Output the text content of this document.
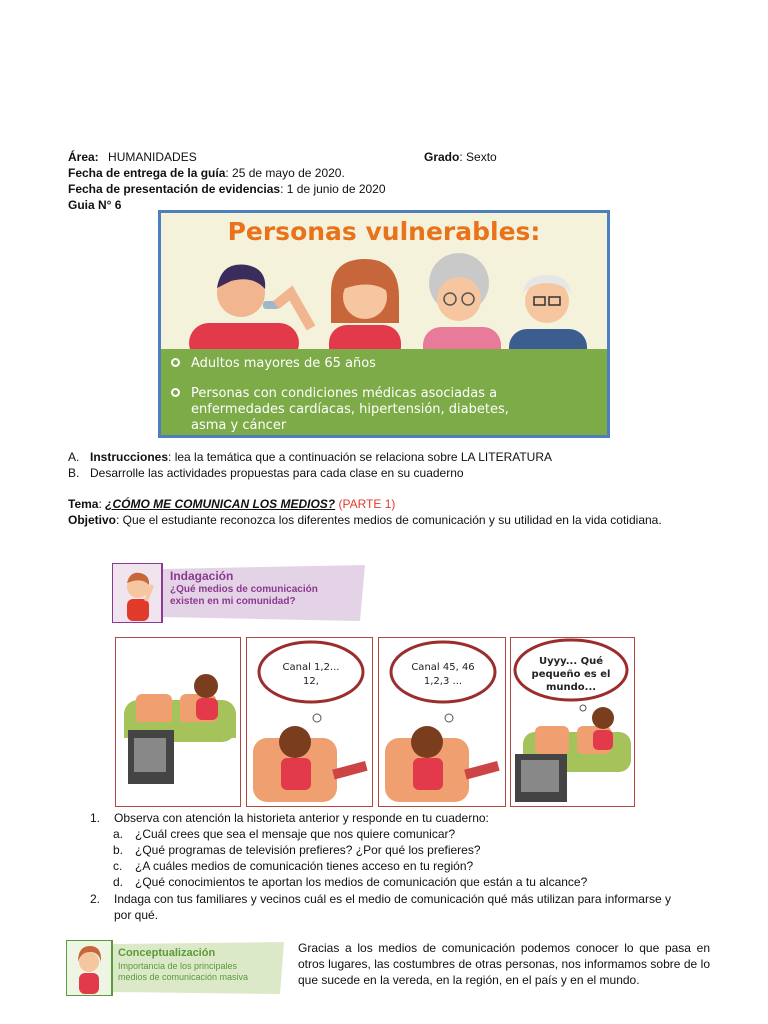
Área: HUMANIDADES	Grado: Sexto
Fecha de entrega de la guía: 25 de mayo de 2020.
Fecha de presentación de evidencias: 1 de junio de 2020
Guia N° 6
Personas vulnerables:
Adultos mayores de 65 años
Personas con condiciones médicas asociadas a
enfermedades cardíacas, hipertensión, diabetes,
asma y cáncer
A. Instrucciones: lea la temática que a continuación se relaciona sobre LA LITERATURA
B. Desarrolle las actividades propuestas para cada clase en su cuaderno
Tema: ¿CÓMO ME COMUNICAN LOS MEDIOS? (PARTE 1)
Objetivo: Que el estudiante reconozca los diferentes medios de comunicación y su utilidad en la vida cotidiana.
Indagación
¿Qué medios de comunicación
existen en mi comunidad?
Canal 1,2...
12,
Canal 45, 46
1,2,3 ...
Uyyy... Qué
pequeño es el
mundo...
1. Observa con atención la historieta anterior y responde en tu cuaderno:
a. ¿Cuál crees que sea el mensaje que nos quiere comunicar?
b. ¿Qué programas de televisión prefieres? ¿Por qué los prefieres?
c. ¿A cuáles medios de comunicación tienes acceso en tu región?
d. ¿Qué conocimientos te aportan los medios de comunicación que están a tu alcance?
2. Indaga con tus familiares y vecinos cuál es el medio de comunicación qué más utilizan para informarse y
por qué.
Conceptualización
Importancia de los principales
medios de comunicación masiva
Gracias a los medios de comunicación podemos conocer lo que pasa en otros lugares, las costumbres de otras personas, nos informamos sobre de lo que sucede en la vereda, en la región, en el país y en el mundo.
